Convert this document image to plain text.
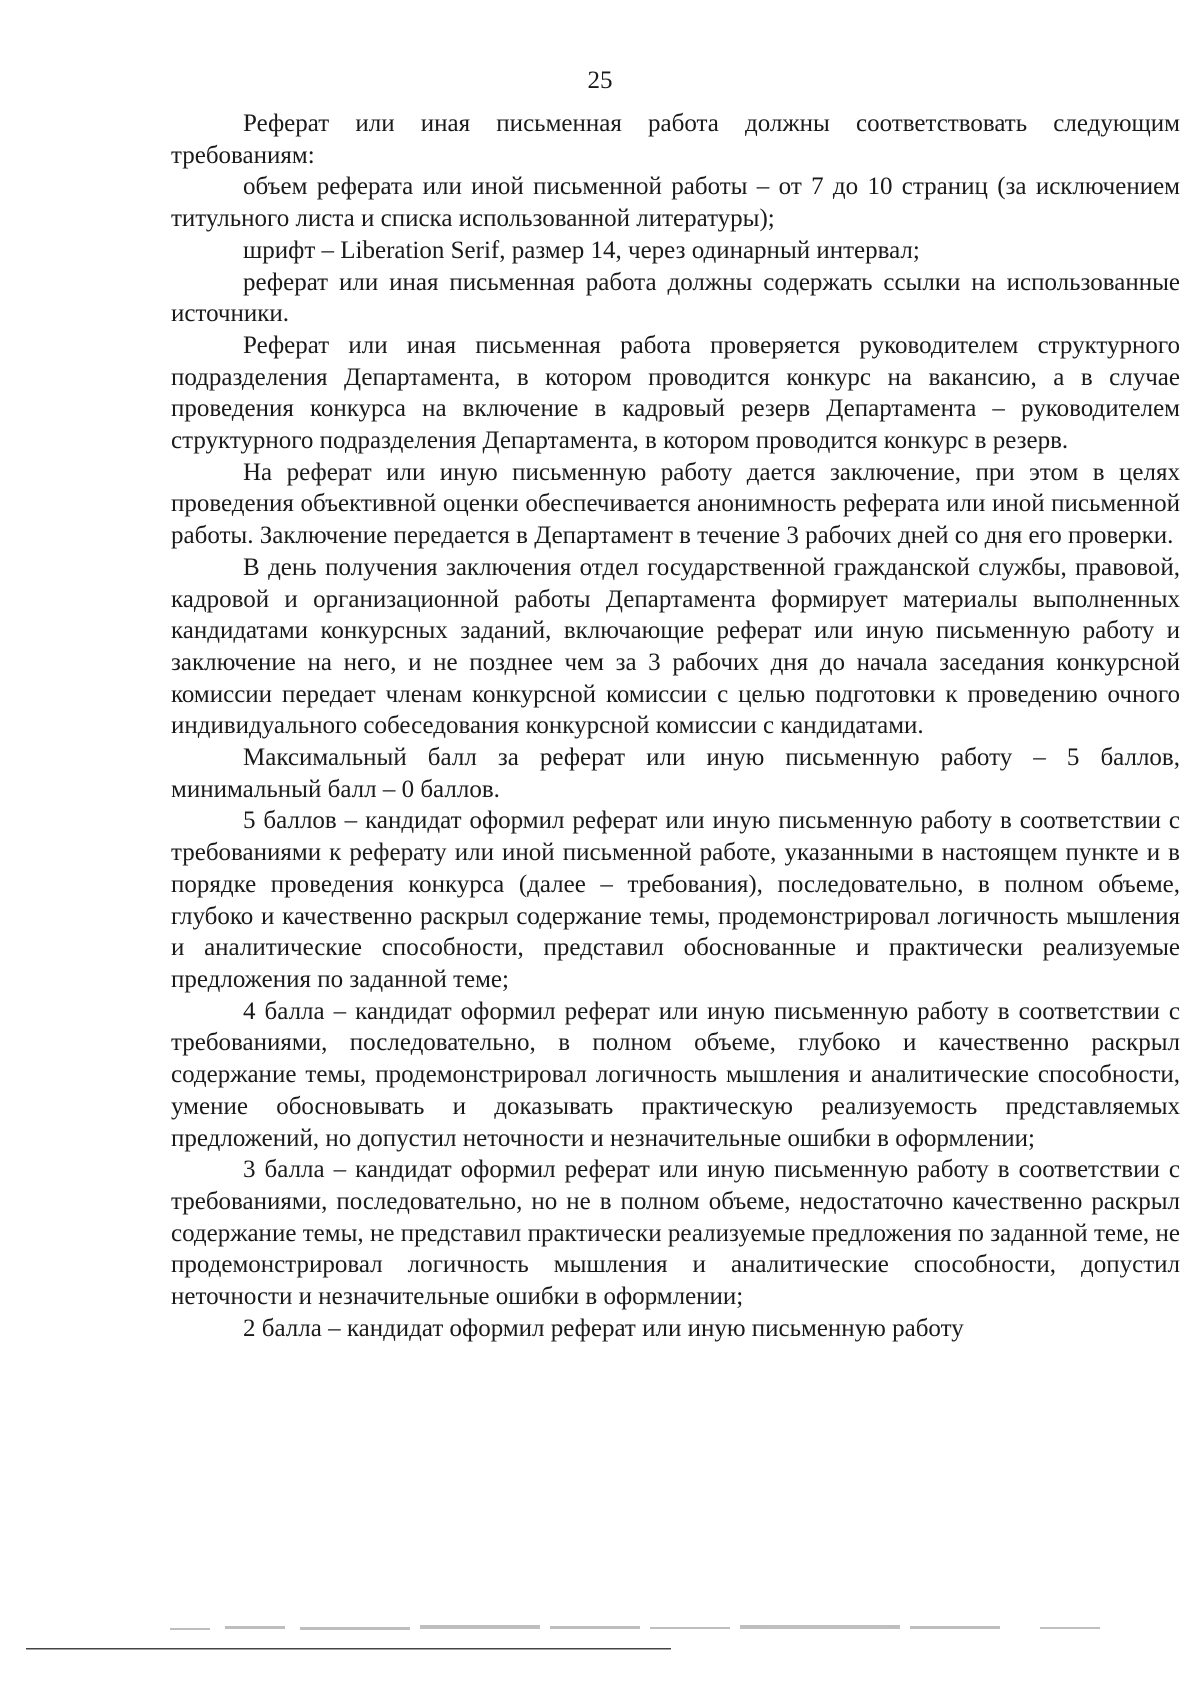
25

Реферат или иная письменная работа должны соответствовать следующим требованиям:

объем реферата или иной письменной работы – от 7 до 10 страниц (за исключением титульного листа и списка использованной литературы);

шрифт – Liberation Serif, размер 14, через одинарный интервал;

реферат или иная письменная работа должны содержать ссылки на использованные источники.

Реферат или иная письменная работа проверяется руководителем структурного подразделения Департамента, в котором проводится конкурс на вакансию, а в случае проведения конкурса на включение в кадровый резерв Департамента – руководителем структурного подразделения Департамента, в котором проводится конкурс в резерв.

На реферат или иную письменную работу дается заключение, при этом в целях проведения объективной оценки обеспечивается анонимность реферата или иной письменной работы. Заключение передается в Департамент в течение 3 рабочих дней со дня его проверки.

В день получения заключения отдел государственной гражданской службы, правовой, кадровой и организационной работы Департамента формирует материалы выполненных кандидатами конкурсных заданий, включающие реферат или иную письменную работу и заключение на него, и не позднее чем за 3 рабочих дня до начала заседания конкурсной комиссии передает членам конкурсной комиссии с целью подготовки к проведению очного индивидуального собеседования конкурсной комиссии с кандидатами.

Максимальный балл за реферат или иную письменную работу – 5 баллов, минимальный балл – 0 баллов.

5 баллов – кандидат оформил реферат или иную письменную работу в соответствии с требованиями к реферату или иной письменной работе, указанными в настоящем пункте и в порядке проведения конкурса (далее – требования), последовательно, в полном объеме, глубоко и качественно раскрыл содержание темы, продемонстрировал логичность мышления и аналитические способности, представил обоснованные и практически реализуемые предложения по заданной теме;

4 балла – кандидат оформил реферат или иную письменную работу в соответствии с требованиями, последовательно, в полном объеме, глубоко и качественно раскрыл содержание темы, продемонстрировал логичность мышления и аналитические способности, умение обосновывать и доказывать практическую реализуемость представляемых предложений, но допустил неточности и незначительные ошибки в оформлении;

3 балла – кандидат оформил реферат или иную письменную работу в соответствии с требованиями, последовательно, но не в полном объеме, недостаточно качественно раскрыл содержание темы, не представил практически реализуемые предложения по заданной теме, не продемонстрировал логичность мышления и аналитические способности, допустил неточности и незначительные ошибки в оформлении;

2 балла – кандидат оформил реферат или иную письменную работу
